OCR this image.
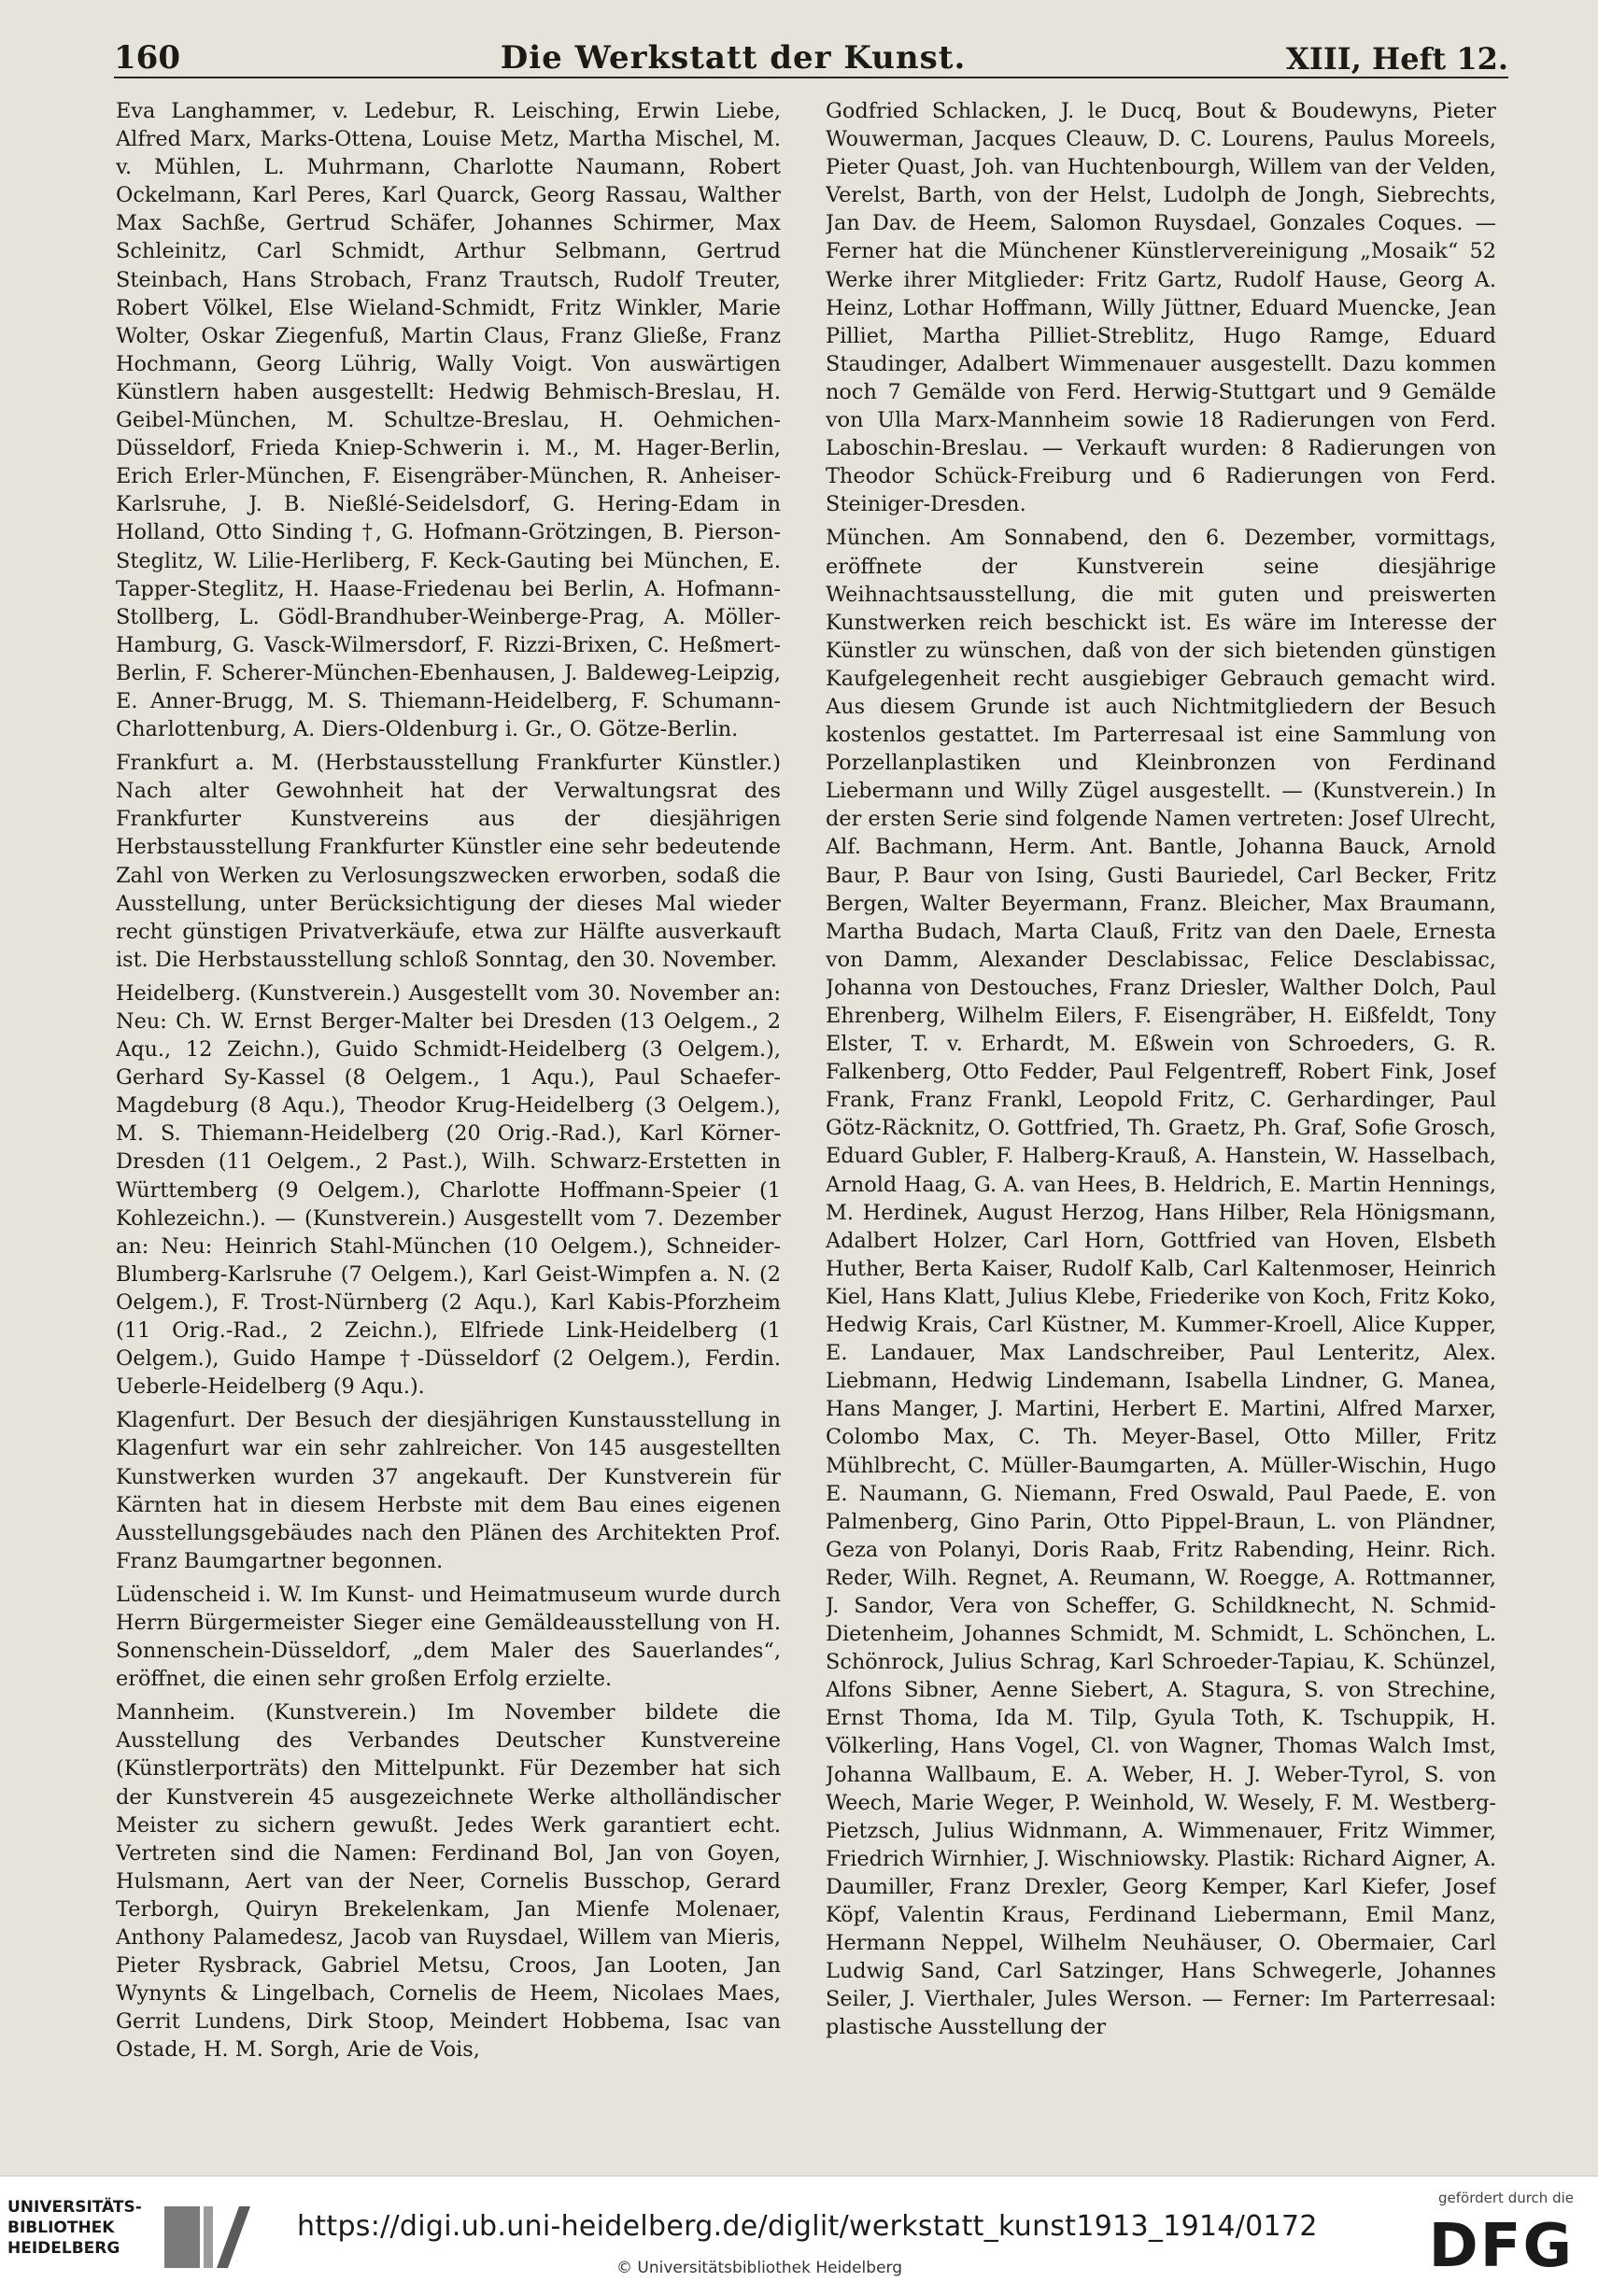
160	Die Werkstatt der Kunst.	XIII, Heft 12.

Eva Langhammer, v. Ledebur, R. Leisching, Erwin Liebe, Alfred Marx, Marks-Ottena, Louise Metz, Martha Mischel, M. v. Mühlen, L. Muhrmann, Charlotte Naumann, Robert Ockelmann, Karl Peres, Karl Quarck, Georg Rassau, Walther Max Sachße, Gertrud Schäfer, Johannes Schirmer, Max Schleinitz, Carl Schmidt, Arthur Selbmann, Gertrud Steinbach, Hans Strobach, Franz Trautsch, Rudolf Treuter, Robert Völkel, Else Wieland-Schmidt, Fritz Winkler, Marie Wolter, Oskar Ziegenfuß, Martin Claus, Franz Gließe, Franz Hochmann, Georg Lührig, Wally Voigt. Von auswärtigen Künstlern haben ausgestellt: Hedwig Behmisch-Breslau, H. Geibel-München, M. Schultze-Breslau, H. Oehmichen-Düsseldorf, Frieda Kniep-Schwerin i. M., M. Hager-Berlin, Erich Erler-München, F. Eisengräber-München, R. Anheiser-Karlsruhe, J. B. Nießlé-Seidelsdorf, G. Hering-Edam in Holland, Otto Sinding †, G. Hofmann-Grötzingen, B. Pierson-Steglitz, W. Lilie-Herliberg, F. Keck-Gauting bei München, E. Tapper-Steglitz, H. Haase-Friedenau bei Berlin, A. Hofmann-Stollberg, L. Gödl-Brandhuber-Weinberge-Prag, A. Möller-Hamburg, G. Vasck-Wilmersdorf, F. Rizzi-Brixen, C. Heßmert-Berlin, F. Scherer-München-Ebenhausen, J. Baldeweg-Leipzig, E. Anner-Brugg, M. S. Thiemann-Heidelberg, F. Schumann-Charlottenburg, A. Diers-Oldenburg i. Gr., O. Götze-Berlin.

Frankfurt a. M. (Herbstausstellung Frankfurter Künstler.) Nach alter Gewohnheit hat der Verwaltungsrat des Frankfurter Kunstvereins aus der diesjährigen Herbstausstellung Frankfurter Künstler eine sehr bedeutende Zahl von Werken zu Verlosungszwecken erworben, sodaß die Ausstellung, unter Berücksichtigung der dieses Mal wieder recht günstigen Privatverkäufe, etwa zur Hälfte ausverkauft ist. Die Herbstausstellung schloß Sonntag, den 30. November.

Heidelberg. (Kunstverein.) Ausgestellt vom 30. November an: Neu: Ch. W. Ernst Berger-Malter bei Dresden (13 Oelgem., 2 Aqu., 12 Zeichn.), Guido Schmidt-Heidelberg (3 Oelgem.), Gerhard Sy-Kassel (8 Oelgem., 1 Aqu.), Paul Schaefer-Magdeburg (8 Aqu.), Theodor Krug-Heidelberg (3 Oelgem.), M. S. Thiemann-Heidelberg (20 Orig.-Rad.), Karl Körner-Dresden (11 Oelgem., 2 Past.), Wilh. Schwarz-Erstetten in Württemberg (9 Oelgem.), Charlotte Hoffmann-Speier (1 Kohlezeichn.). — (Kunstverein.) Ausgestellt vom 7. Dezember an: Neu: Heinrich Stahl-München (10 Oelgem.), Schneider-Blumberg-Karlsruhe (7 Oelgem.), Karl Geist-Wimpfen a. N. (2 Oelgem.), F. Trost-Nürnberg (2 Aqu.), Karl Kabis-Pforzheim (11 Orig.-Rad., 2 Zeichn.), Elfriede Link-Heidelberg (1 Oelgem.), Guido Hampe †-Düsseldorf (2 Oelgem.), Ferdin. Ueberle-Heidelberg (9 Aqu.).

Klagenfurt. Der Besuch der diesjährigen Kunstausstellung in Klagenfurt war ein sehr zahlreicher. Von 145 ausgestellten Kunstwerken wurden 37 angekauft. Der Kunstverein für Kärnten hat in diesem Herbste mit dem Bau eines eigenen Ausstellungsgebäudes nach den Plänen des Architekten Prof. Franz Baumgartner begonnen.

Lüdenscheid i. W. Im Kunst- und Heimatmuseum wurde durch Herrn Bürgermeister Sieger eine Gemäldeausstellung von H. Sonnenschein-Düsseldorf, „dem Maler des Sauerlandes“, eröffnet, die einen sehr großen Erfolg erzielte.

Mannheim. (Kunstverein.) Im November bildete die Ausstellung des Verbandes Deutscher Kunstvereine (Künstlerporträts) den Mittelpunkt. Für Dezember hat sich der Kunstverein 45 ausgezeichnete Werke altholländischer Meister zu sichern gewußt. Jedes Werk garantiert echt. Vertreten sind die Namen: Ferdinand Bol, Jan von Goyen, Hulsmann, Aert van der Neer, Cornelis Busschop, Gerard Terborgh, Quiryn Brekelenkam, Jan Mienfe Molenaer, Anthony Palamedesz, Jacob van Ruysdael, Willem van Mieris, Pieter Rysbrack, Gabriel Metsu, Croos, Jan Looten, Jan Wynynts & Lingelbach, Cornelis de Heem, Nicolaes Maes, Gerrit Lundens, Dirk Stoop, Meindert Hobbema, Isac van Ostade, H. M. Sorgh, Arie de Vois,

Godfried Schlacken, J. le Ducq, Bout & Boudewyns, Pieter Wouwerman, Jacques Cleauw, D. C. Lourens, Paulus Moreels, Pieter Quast, Joh. van Huchtenbourgh, Willem van der Velden, Verelst, Barth, von der Helst, Ludolph de Jongh, Siebrechts, Jan Dav. de Heem, Salomon Ruysdael, Gonzales Coques. — Ferner hat die Münchener Künstlervereinigung „Mosaik“ 52 Werke ihrer Mitglieder: Fritz Gartz, Rudolf Hause, Georg A. Heinz, Lothar Hoffmann, Willy Jüttner, Eduard Muencke, Jean Pilliet, Martha Pilliet-Streblitz, Hugo Ramge, Eduard Staudinger, Adalbert Wimmenauer ausgestellt. Dazu kommen noch 7 Gemälde von Ferd. Herwig-Stuttgart und 9 Gemälde von Ulla Marx-Mannheim sowie 18 Radierungen von Ferd. Laboschin-Breslau. — Verkauft wurden: 8 Radierungen von Theodor Schück-Freiburg und 6 Radierungen von Ferd. Steiniger-Dresden.

München. Am Sonnabend, den 6. Dezember, vormittags, eröffnete der Kunstverein seine diesjährige Weihnachtsausstellung, die mit guten und preiswerten Kunstwerken reich beschickt ist. Es wäre im Interesse der Künstler zu wünschen, daß von der sich bietenden günstigen Kaufgelegenheit recht ausgiebiger Gebrauch gemacht wird. Aus diesem Grunde ist auch Nichtmitgliedern der Besuch kostenlos gestattet. Im Parterresaal ist eine Sammlung von Porzellanplastiken und Kleinbronzen von Ferdinand Liebermann und Willy Zügel ausgestellt. — (Kunstverein.) In der ersten Serie sind folgende Namen vertreten: Josef Ulrecht, Alf. Bachmann, Herm. Ant. Bantle, Johanna Bauck, Arnold Baur, P. Baur von Ising, Gusti Bauriedel, Carl Becker, Fritz Bergen, Walter Beyermann, Franz. Bleicher, Max Braumann, Martha Budach, Marta Clauß, Fritz van den Daele, Ernesta von Damm, Alexander Desclabissac, Felice Desclabissac, Johanna von Destouches, Franz Driesler, Walther Dolch, Paul Ehrenberg, Wilhelm Eilers, F. Eisengräber, H. Eißfeldt, Tony Elster, T. v. Erhardt, M. Eßwein von Schroeders, G. R. Falkenberg, Otto Fedder, Paul Felgentreff, Robert Fink, Josef Frank, Franz Frankl, Leopold Fritz, C. Gerhardinger, Paul Götz-Räcknitz, O. Gottfried, Th. Graetz, Ph. Graf, Sofie Grosch, Eduard Gubler, F. Halberg-Krauß, A. Hanstein, W. Hasselbach, Arnold Haag, G. A. van Hees, B. Heldrich, E. Martin Hennings, M. Herdinek, August Herzog, Hans Hilber, Rela Hönigsmann, Adalbert Holzer, Carl Horn, Gottfried van Hoven, Elsbeth Huther, Berta Kaiser, Rudolf Kalb, Carl Kaltenmoser, Heinrich Kiel, Hans Klatt, Julius Klebe, Friederike von Koch, Fritz Koko, Hedwig Krais, Carl Küstner, M. Kummer-Kroell, Alice Kupper, E. Landauer, Max Landschreiber, Paul Lenteritz, Alex. Liebmann, Hedwig Lindemann, Isabella Lindner, G. Manea, Hans Manger, J. Martini, Herbert E. Martini, Alfred Marxer, Colombo Max, C. Th. Meyer-Basel, Otto Miller, Fritz Mühlbrecht, C. Müller-Baumgarten, A. Müller-Wischin, Hugo E. Naumann, G. Niemann, Fred Oswald, Paul Paede, E. von Palmenberg, Gino Parin, Otto Pippel-Braun, L. von Pländner, Geza von Polanyi, Doris Raab, Fritz Rabending, Heinr. Rich. Reder, Wilh. Regnet, A. Reumann, W. Roegge, A. Rottmanner, J. Sandor, Vera von Scheffer, G. Schildknecht, N. Schmid-Dietenheim, Johannes Schmidt, M. Schmidt, L. Schönchen, L. Schönrock, Julius Schrag, Karl Schroeder-Tapiau, K. Schünzel, Alfons Sibner, Aenne Siebert, A. Stagura, S. von Strechine, Ernst Thoma, Ida M. Tilp, Gyula Toth, K. Tschuppik, H. Völkerling, Hans Vogel, Cl. von Wagner, Thomas Walch Imst, Johanna Wallbaum, E. A. Weber, H. J. Weber-Tyrol, S. von Weech, Marie Weger, P. Weinhold, W. Wesely, F. M. Westberg-Pietzsch, Julius Widnmann, A. Wimmenauer, Fritz Wimmer, Friedrich Wirnhier, J. Wischniowsky. Plastik: Richard Aigner, A. Daumiller, Franz Drexler, Georg Kemper, Karl Kiefer, Josef Köpf, Valentin Kraus, Ferdinand Liebermann, Emil Manz, Hermann Neppel, Wilhelm Neuhäuser, O. Obermaier, Carl Ludwig Sand, Carl Satzinger, Hans Schwegerle, Johannes Seiler, J. Vierthaler, Jules Werson. — Ferner: Im Parterresaal: plastische Ausstellung der

UNIVERSITÄTS-
BIBLIOTHEK
HEIDELBERG
https://digi.ub.uni-heidelberg.de/diglit/werkstatt_kunst1913_1914/0172
© Universitätsbibliothek Heidelberg
gefördert durch die
DFG
